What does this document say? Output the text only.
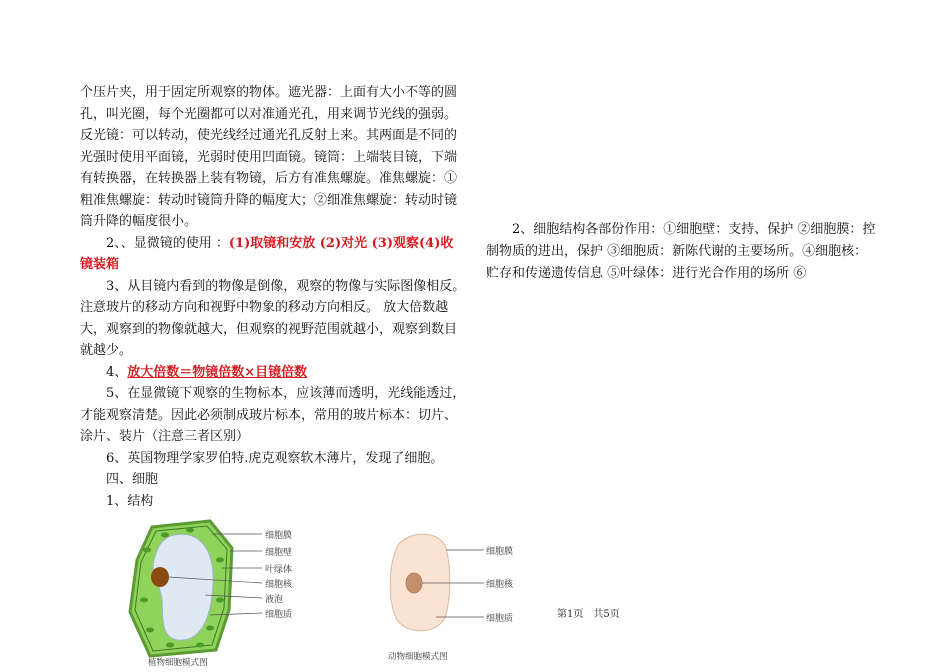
个压片夹，用于固定所观察的物体。遮光器：上面有大小不等的圆孔，叫光圈，每个光圈都可以对准通光孔，用来调节光线的强弱。反光镜：可以转动，使光线经过通光孔反射上来。其两面是不同的光强时使用平面镜，光弱时使用凹面镜。镜筒：上端装目镜，下端有转换器，在转换器上装有物镜，后方有准焦螺旋。准焦螺旋：①粗准焦螺旋：转动时镜筒升降的幅度大；②细准焦螺旋：转动时镜筒升降的幅度很小。

2、、显微镜的使用 ：(1)取镜和安放 (2)对光 (3)观察(4)收镜装箱

3、从目镜内看到的物像是倒像，观察的物像与实际图像相反。注意玻片的移动方向和视野中物象的移动方向相反。 放大倍数越大，观察到的物像就越大，但观察的视野范围就越小，观察到数目就越少。

4、放大倍数＝物镜倍数×目镜倍数

5、在显微镜下观察的生物标本，应该薄而透明，光线能透过，才能观察清楚。因此必须制成玻片标本，常用的玻片标本：切片、涂片、装片（注意三者区别）

6、英国物理学家罗伯特.虎克观察软木薄片，发现了细胞。

四、细胞

1、结构

2、细胞结构各部份作用：①细胞壁：支持、保护 ②细胞膜：控制物质的进出，保护 ③细胞质：新陈代谢的主要场所。④细胞核：贮存和传递遗传信息 ⑤叶绿体：进行光合作用的场所 ⑥

细胞膜
细胞壁
叶绿体
细胞核
液泡
细胞质
植物细胞模式图
细胞膜
细胞核
细胞质
动物细胞模式图
第1页　共5页
